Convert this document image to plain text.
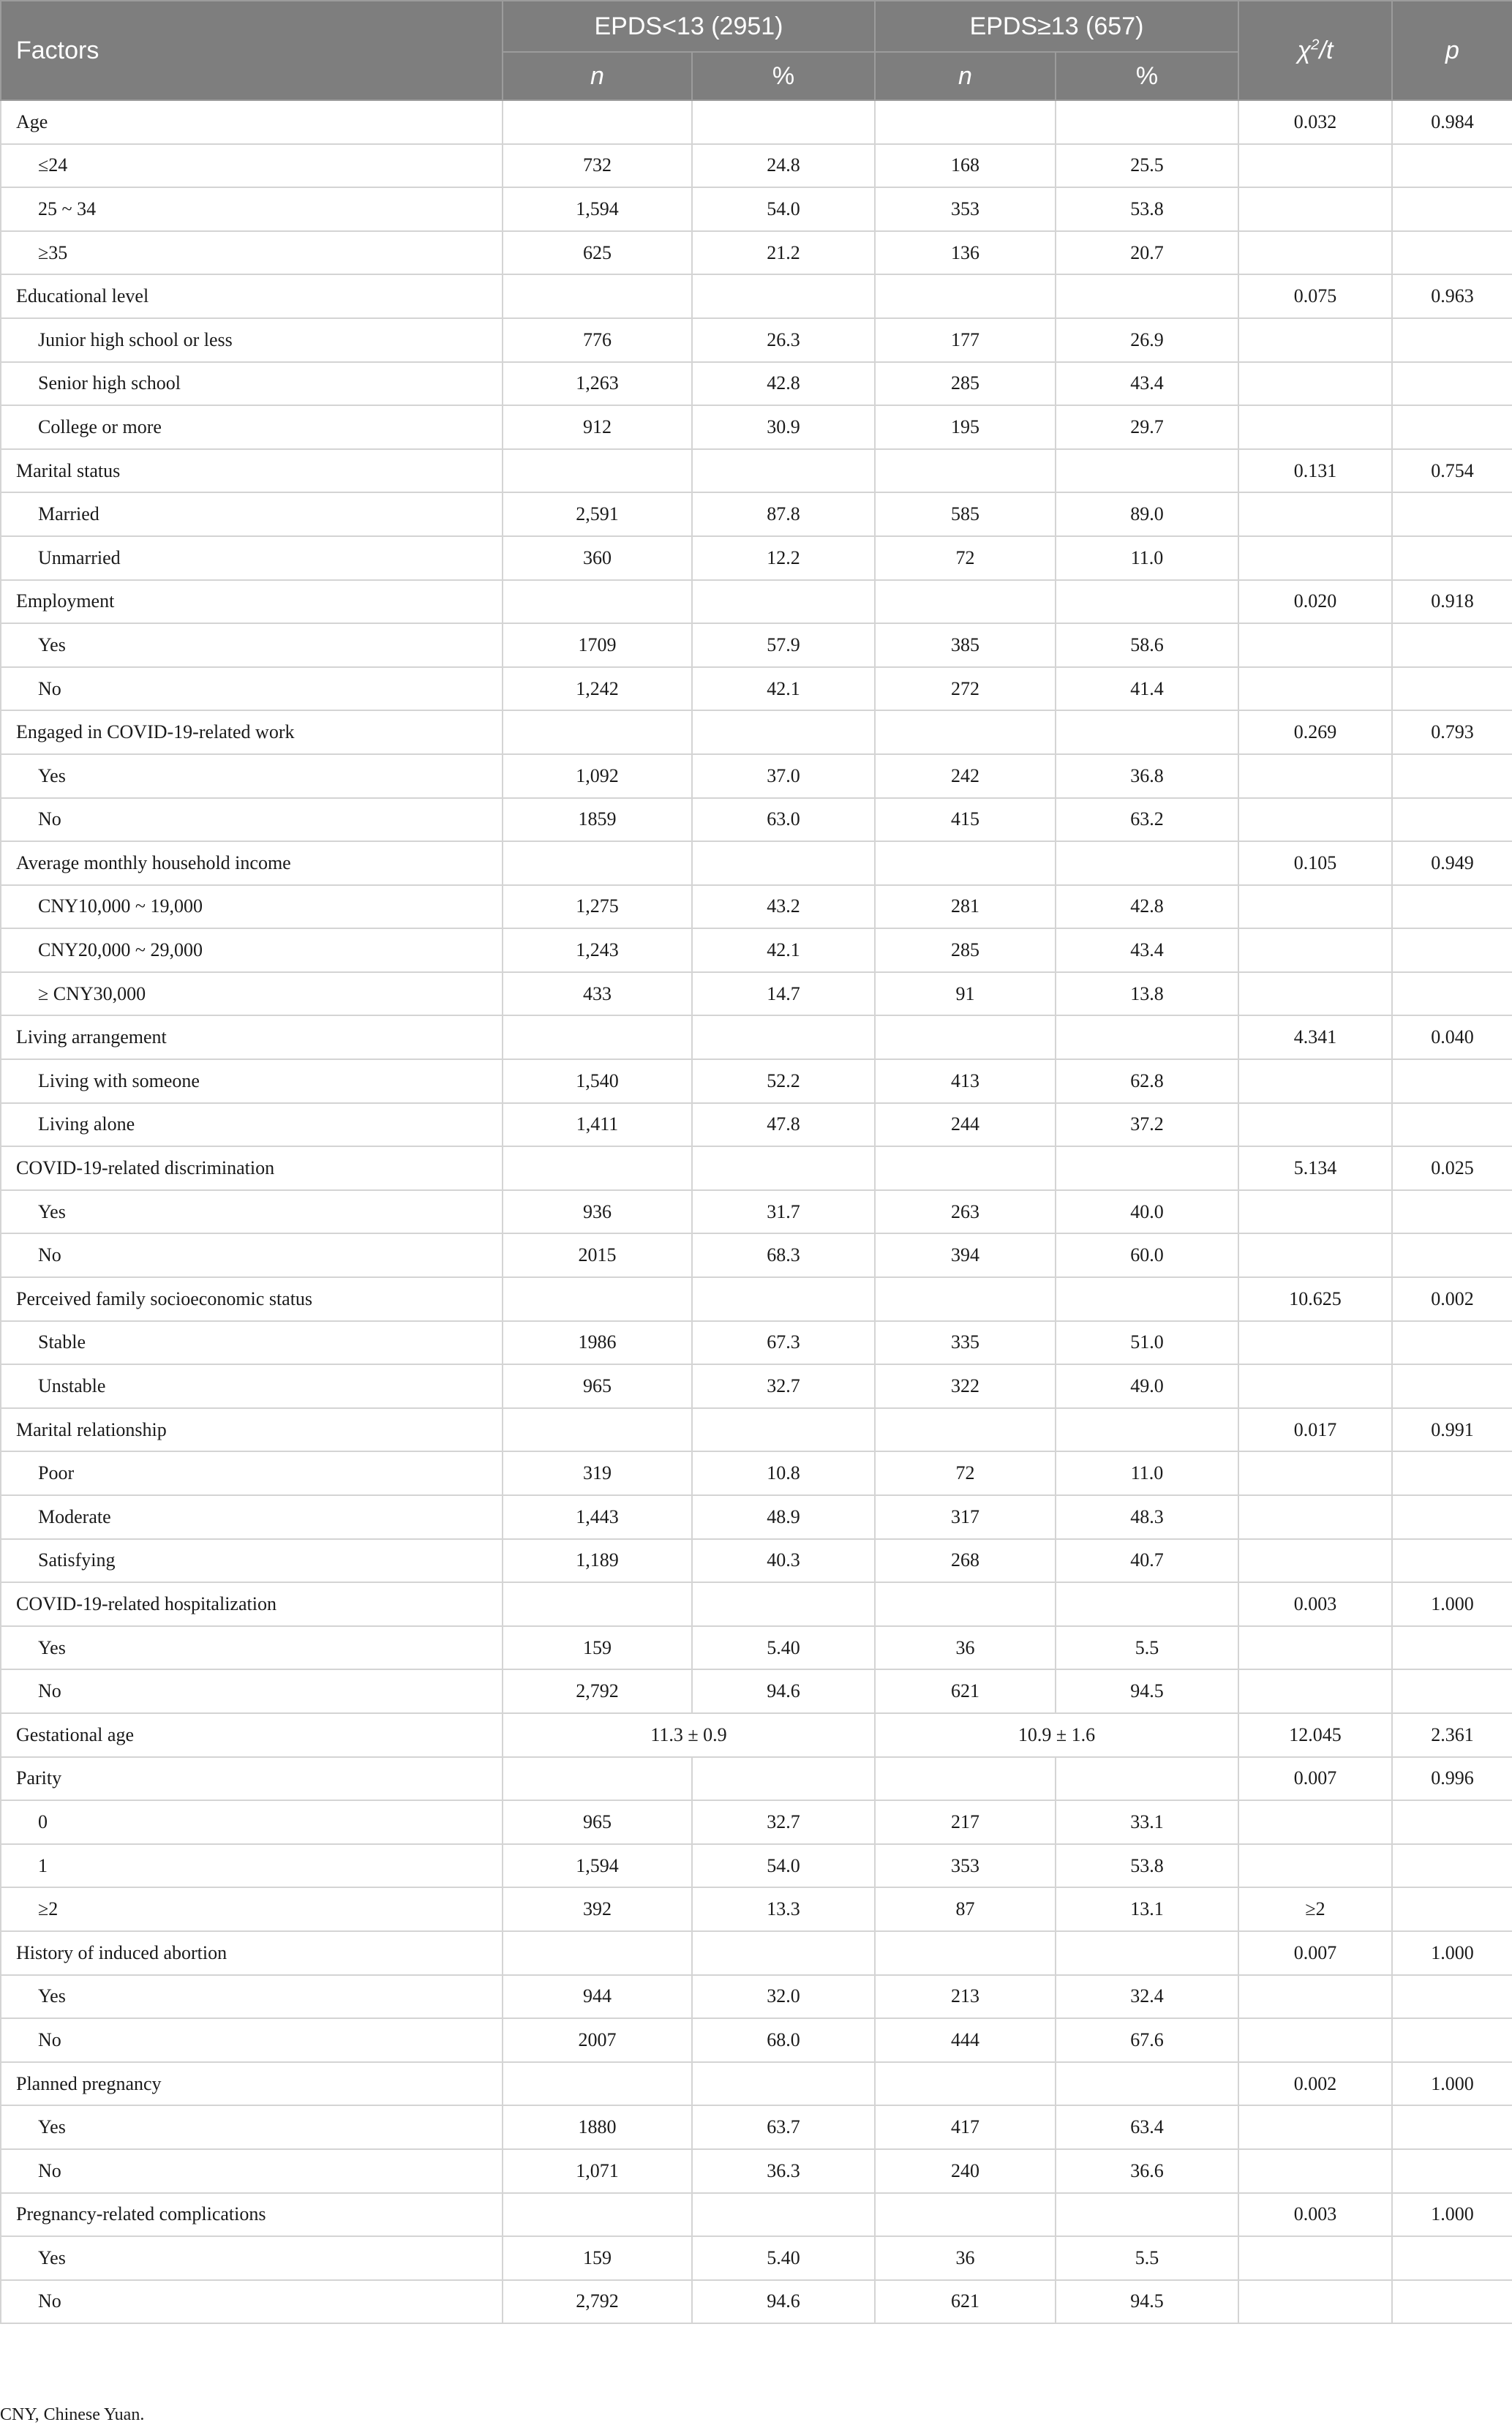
Factors	EPDS<13 (2951)		EPDS≥13 (657)		$\chi^2/t$	p
	n	%	n	%		
Age					0.032	0.984
≤24	732	24.8	168	25.5		
25 ~ 34	1,594	54.0	353	53.8		
≥35	625	21.2	136	20.7		
Educational level					0.075	0.963
Junior high school or less	776	26.3	177	26.9		
Senior high school	1,263	42.8	285	43.4		
College or more	912	30.9	195	29.7		
Marital status					0.131	0.754
Married	2,591	87.8	585	89.0		
Unmarried	360	12.2	72	11.0		
Employment					0.020	0.918
Yes	1709	57.9	385	58.6		
No	1,242	42.1	272	41.4		
Engaged in COVID-19-related work					0.269	0.793
Yes	1,092	37.0	242	36.8		
No	1859	63.0	415	63.2		
Average monthly household income					0.105	0.949
CNY10,000 ~ 19,000	1,275	43.2	281	42.8		
CNY20,000 ~ 29,000	1,243	42.1	285	43.4		
≥ CNY30,000	433	14.7	91	13.8		
Living arrangement					4.341	0.040
Living with someone	1,540	52.2	413	62.8		
Living alone	1,411	47.8	244	37.2		
COVID-19-related discrimination					5.134	0.025
Yes	936	31.7	263	40.0		
No	2015	68.3	394	60.0		
Perceived family socioeconomic status					10.625	0.002
Stable	1986	67.3	335	51.0		
Unstable	965	32.7	322	49.0		
Marital relationship					0.017	0.991
Poor	319	10.8	72	11.0		
Moderate	1,443	48.9	317	48.3		
Satisfying	1,189	40.3	268	40.7		
COVID-19-related hospitalization					0.003	1.000
Yes	159	5.40	36	5.5		
No	2,792	94.6	621	94.5		
Gestational age	11.3 ± 0.9		10.9 ± 1.6		12.045	2.361
Parity					0.007	0.996
0	965	32.7	217	33.1		
1	1,594	54.0	353	53.8		
≥2	392	13.3	87	13.1	≥2	
History of induced abortion					0.007	1.000
Yes	944	32.0	213	32.4		
No	2007	68.0	444	67.6		
Planned pregnancy					0.002	1.000
Yes	1880	63.7	417	63.4		
No	1,071	36.3	240	36.6		
Pregnancy-related complications					0.003	1.000
Yes	159	5.40	36	5.5		
No	2,792	94.6	621	94.5		
CNY, Chinese Yuan.
